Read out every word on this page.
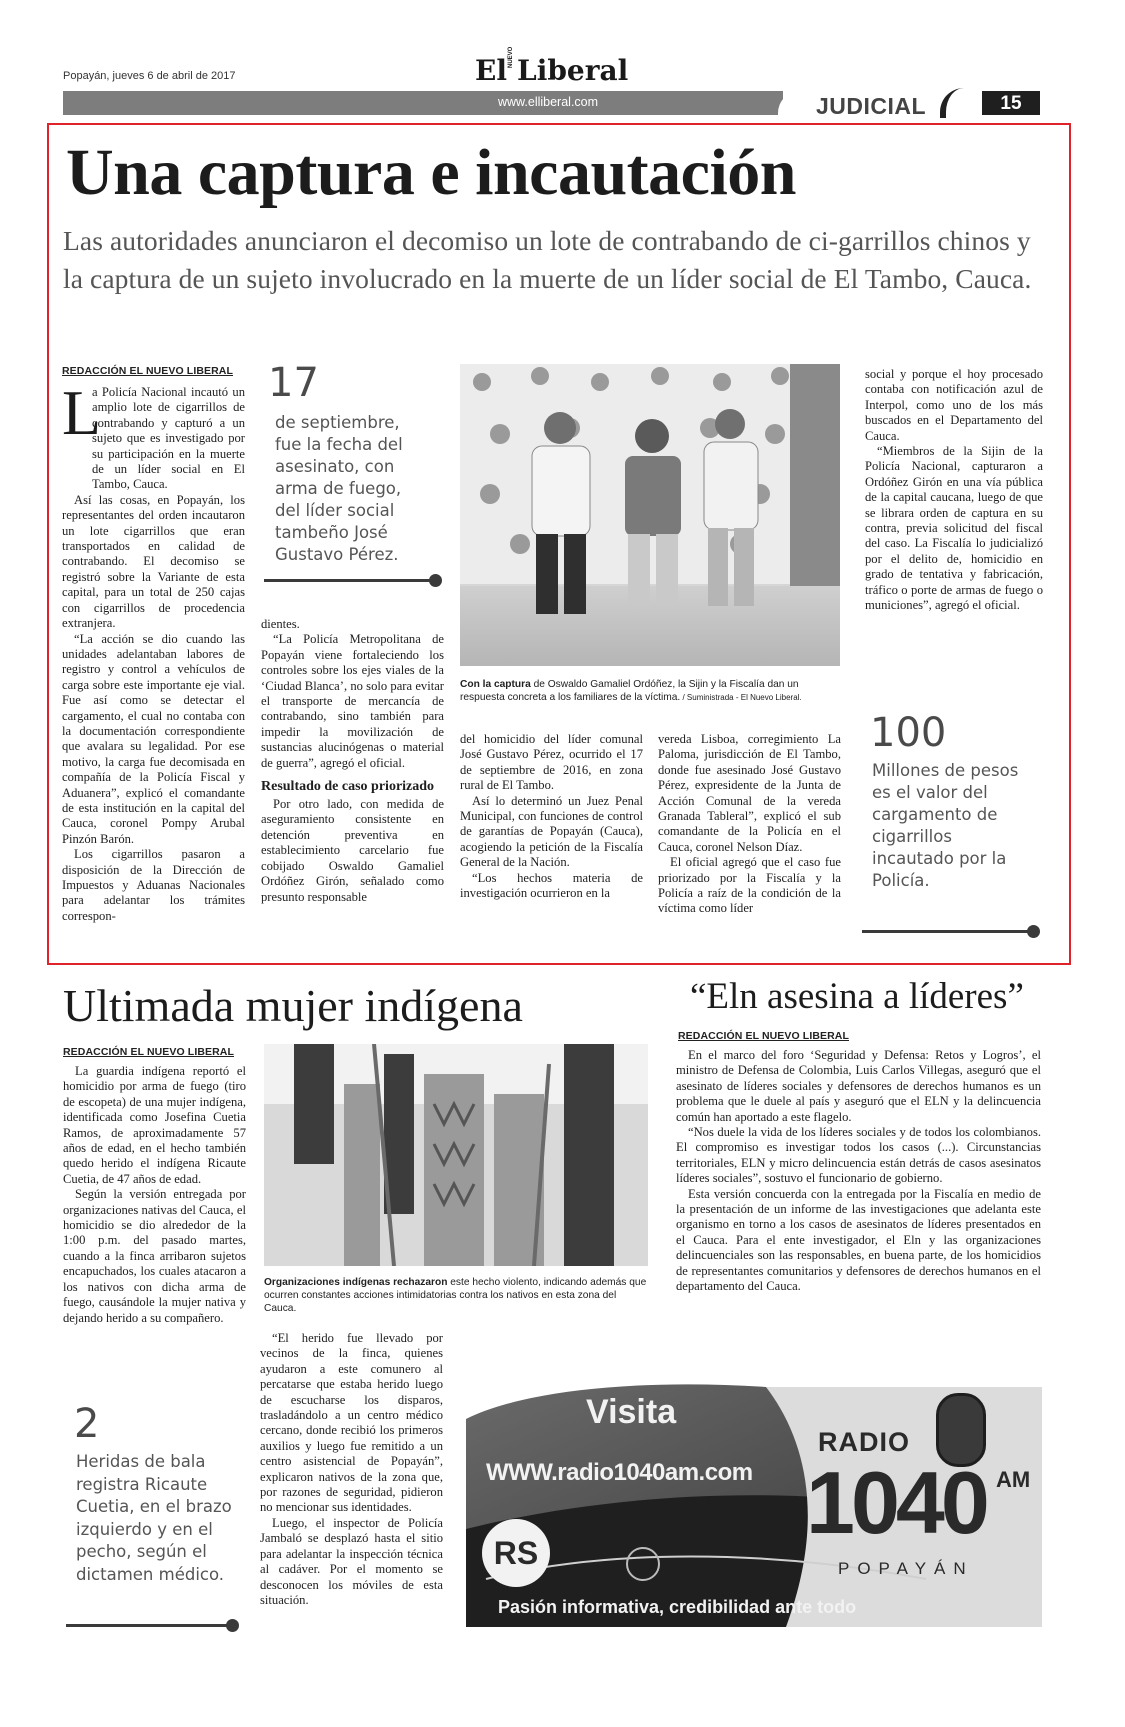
Popayán, jueves 6 de abril de 2017	El NUEVO Liberal
www.elliberal.com	JUDICIAL	15
Una captura e incautación
Las autoridades anunciaron el decomiso un lote de contrabando de ci-garrillos chinos y la captura de un sujeto involucrado en la muerte de un líder social de El Tambo, Cauca.
REDACCIÓN EL NUEVO LIBERAL
L

a Policía Nacional incautó un amplio lote de cigarrillos de contrabando y capturó a un sujeto que es investigado por su participación en la muerte de un líder social en El Tambo, Cauca.

Así las cosas, en Popayán, los representantes del orden incautaron un lote cigarrillos que eran transportados en calidad de contrabando. El decomiso se registró sobre la Variante de esta capital, para un total de 250 cajas con cigarrillos de procedencia extranjera.

“La acción se dio cuando las unidades adelantaban labores de registro y control a vehículos de carga sobre este importante eje vial. Fue así como se detectar el cargamento, el cual no contaba con la documentación correspondiente que avalara su legalidad. Por ese motivo, la carga fue decomisada en compañía de la Policía Fiscal y Aduanera”, explicó el comandante de esta institución en la capital del Cauca, coronel Pompy Arubal Pinzón Barón.

Los cigarrillos pasaron a disposición de la Dirección de Impuestos y Aduanas Nacionales para adelantar los trámites correspon-

17
de septiembre, fue la fecha del asesinato, con arma de fuego, del líder social tambeño José Gustavo Pérez.

dientes.

“La Policía Metropolitana de Popayán viene fortaleciendo los controles sobre los ejes viales de la ‘Ciudad Blanca’, no solo para evitar el transporte de mercancía de contrabando, sino también para impedir la movilización de sustancias alucinógenas o material de guerra”, agregó el oficial.

Resultado de caso priorizado

Por otro lado, con medida de aseguramiento consistente en detención preventiva en establecimiento carcelario fue cobijado Oswaldo Gamaliel Ordóñez Girón, señalado como presunto responsable

Con la captura de Oswaldo Gamaliel Ordóñez, la Sijin y la Fiscalía dan un respuesta concreta a los familiares de la víctima. / Suministrada - El Nuevo Liberal.

del homicidio del líder comunal José Gustavo Pérez, ocurrido el 17 de septiembre de 2016, en zona rural de El Tambo.

Así lo determinó un Juez Penal Municipal, con funciones de control de garantías de Popayán (Cauca), acogiendo la petición de la Fiscalía General de la Nación.

“Los hechos materia de investigación ocurrieron en la

vereda Lisboa, corregimiento La Paloma, jurisdicción de El Tambo, donde fue asesinado José Gustavo Pérez, expresidente de la Junta de Acción Comunal de la vereda Granada Tableral”, explicó el sub comandante de la Policía en el Cauca, coronel Nelson Díaz.

El oficial agregó que el caso fue priorizado por la Fiscalía y la Policía a raíz de la condición de la víctima como líder

social y porque el hoy procesado contaba con notificación azul de Interpol, como uno de los más buscados en el Departamento del Cauca.

“Miembros de la Sijin de la Policía Nacional, capturaron a Ordóñez Girón en una vía pública de la capital caucana, luego de que se librara orden de captura en su contra, previa solicitud del fiscal del caso. La Fiscalía lo judicializó por el delito de, homicidio en grado de tentativa y fabricación, tráfico o porte de armas de fuego o municiones”, agregó el oficial.

100
Millones de pesos es el valor del cargamento de cigarrillos incautado por la Policía.
Ultimada mujer indígena
REDACCIÓN EL NUEVO LIBERAL

La guardia indígena reportó el homicidio por arma de fuego (tiro de escopeta) de una mujer indígena, identificada como Josefina Cuetia Ramos, de aproximadamente 57 años de edad, en el hecho también quedo herido el indígena Ricaute Cuetia, de 47 años de edad.

Según la versión entregada por organizaciones nativas del Cauca, el homicidio se dio alrededor de la 1:00 p.m. del pasado martes, cuando a la finca arribaron sujetos encapuchados, los cuales atacaron a los nativos con dicha arma de fuego, causándole la mujer nativa y dejando herido a su compañero.

2
Heridas de bala registra Ricaute Cuetia, en el brazo izquierdo y en el pecho, según el dictamen médico.
Organizaciones indígenas rechazaron este hecho violento, indicando además que ocurren constantes acciones intimidatorias contra los nativos en esta zona del Cauca.

“El herido fue llevado por vecinos de la finca, quienes ayudaron a este comunero al percatarse que estaba herido luego de escucharse los disparos, trasladándolo a un centro médico cercano, donde recibió los primeros auxilios y luego fue remitido a un centro asistencial de Popayán”, explicaron nativos de la zona que, por razones de seguridad, pidieron no mencionar sus identidades.

Luego, el inspector de Policía Jambaló se desplazó hasta el sitio para adelantar la inspección técnica al cadáver. Por el momento se desconocen los móviles de esta situación.

“Eln asesina a líderes”
REDACCIÓN EL NUEVO LIBERAL

En el marco del foro ‘Seguridad y Defensa: Retos y Logros’, el ministro de Defensa de Colombia, Luis Carlos Villegas, aseguró que el asesinato de líderes sociales y defensores de derechos humanos es un problema que le duele al país y aseguró que el ELN y la delincuencia común han aportado a este flagelo.

“Nos duele la vida de los líderes sociales y de todos los colombianos. El compromiso es investigar todos los casos (...). Circunstancias territoriales, ELN y micro delincuencia están detrás de casos asesinatos líderes sociales”, sostuvo el funcionario de gobierno.

Esta versión concuerda con la entregada por la Fiscalía en medio de la presentación de un informe de las investigaciones que adelanta este organismo en torno a los casos de asesinatos de líderes presentados en el Cauca. Para el ente investigador, el Eln y las organizaciones delincuenciales son las responsables, en buena parte, de los homicidios de representantes comunitarios y defensores de derechos humanos en el departamento del Cauca.

Visita
WWW.radio1040am.com
RS
RADIO
1040 AM
POPAYÁN
Pasión informativa, credibilidad ante todo
